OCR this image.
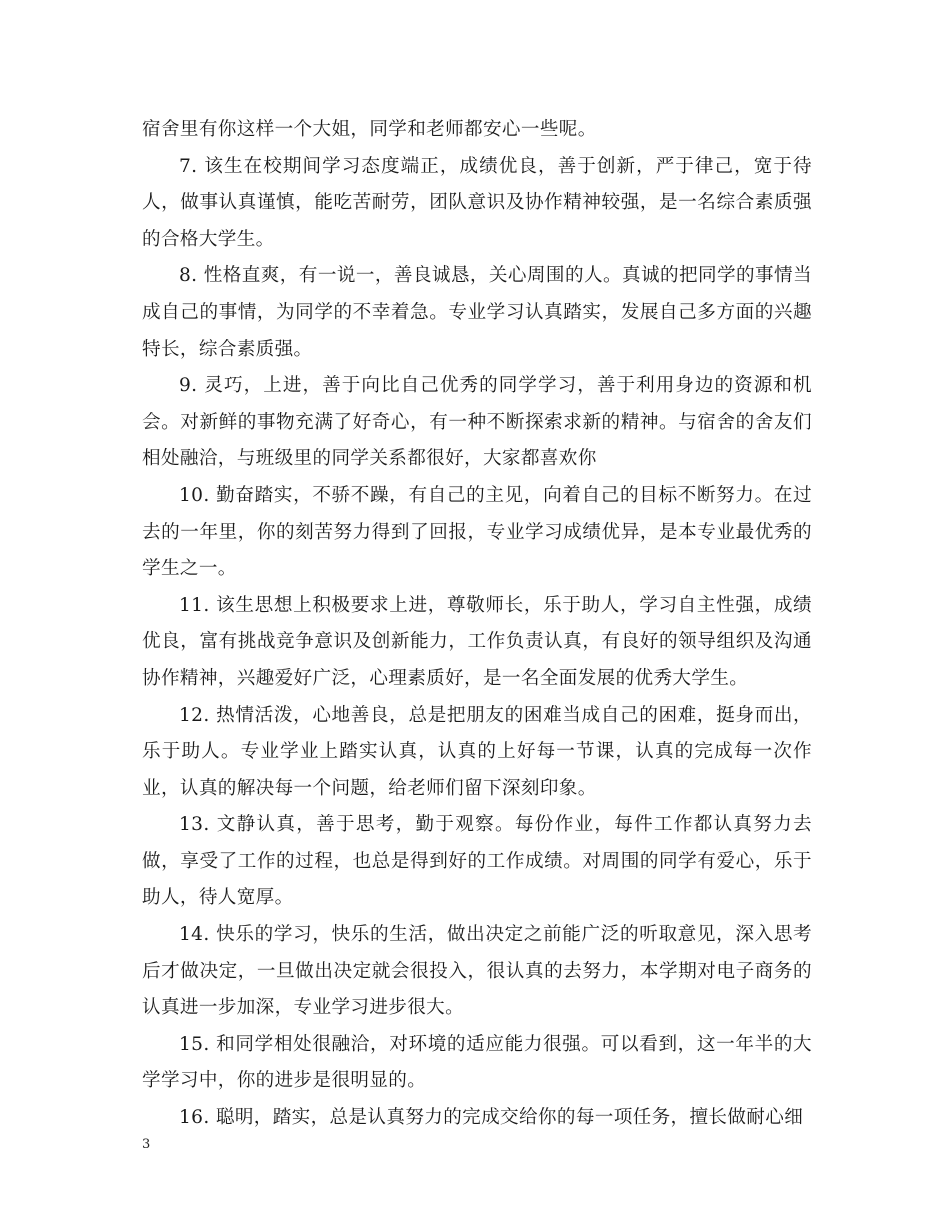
宿舍里有你这样一个大姐，同学和老师都安心一些呢。

7. 该生在校期间学习态度端正，成绩优良，善于创新，严于律己，宽于待人，做事认真谨慎，能吃苦耐劳，团队意识及协作精神较强，是一名综合素质强的合格大学生。

8. 性格直爽，有一说一，善良诚恳，关心周围的人。真诚的把同学的事情当成自己的事情，为同学的不幸着急。专业学习认真踏实，发展自己多方面的兴趣特长，综合素质强。

9. 灵巧，上进，善于向比自己优秀的同学学习，善于利用身边的资源和机会。对新鲜的事物充满了好奇心，有一种不断探索求新的精神。与宿舍的舍友们相处融洽，与班级里的同学关系都很好，大家都喜欢你

10. 勤奋踏实，不骄不躁，有自己的主见，向着自己的目标不断努力。在过去的一年里，你的刻苦努力得到了回报，专业学习成绩优异，是本专业最优秀的学生之一。

11. 该生思想上积极要求上进，尊敬师长，乐于助人，学习自主性强，成绩优良，富有挑战竞争意识及创新能力，工作负责认真，有良好的领导组织及沟通协作精神，兴趣爱好广泛，心理素质好，是一名全面发展的优秀大学生。

12. 热情活泼，心地善良，总是把朋友的困难当成自己的困难，挺身而出，乐于助人。专业学业上踏实认真，认真的上好每一节课，认真的完成每一次作业，认真的解决每一个问题，给老师们留下深刻印象。

13. 文静认真，善于思考，勤于观察。每份作业，每件工作都认真努力去做，享受了工作的过程，也总是得到好的工作成绩。对周围的同学有爱心，乐于助人，待人宽厚。

14. 快乐的学习，快乐的生活，做出决定之前能广泛的听取意见，深入思考后才做决定，一旦做出决定就会很投入，很认真的去努力，本学期对电子商务的认真进一步加深，专业学习进步很大。

15. 和同学相处很融洽，对环境的适应能力很强。可以看到，这一年半的大学学习中，你的进步是很明显的。

16. 聪明，踏实，总是认真努力的完成交给你的每一项任务，擅长做耐心细

3
